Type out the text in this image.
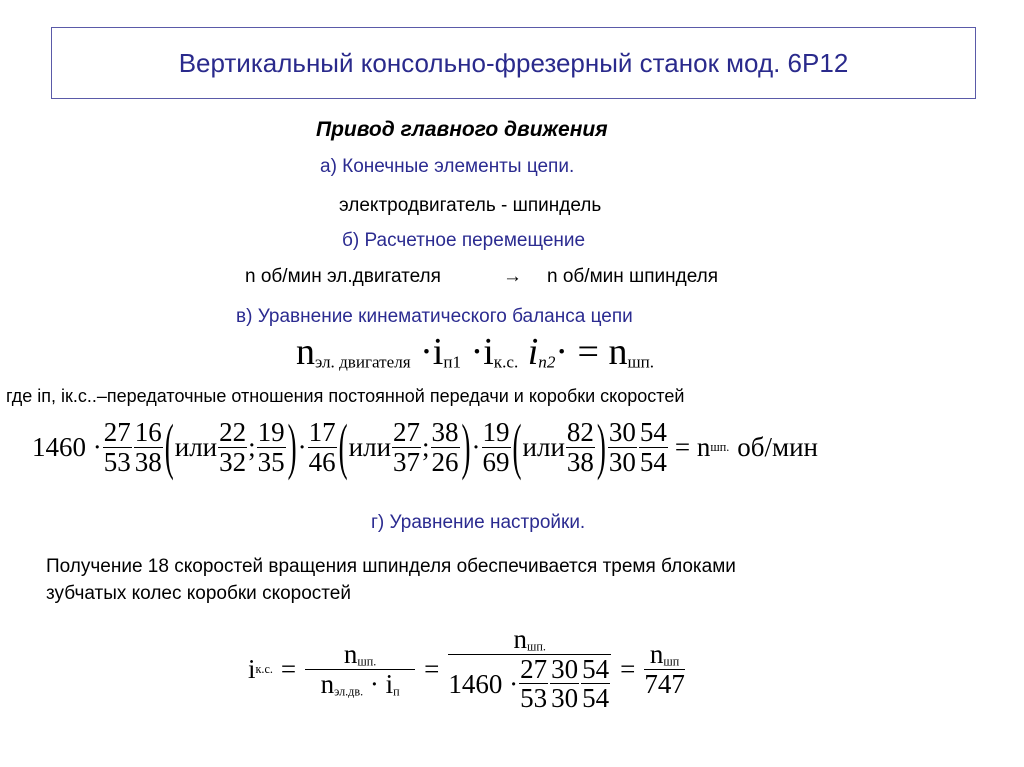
Вертикальный консольно-фрезерный станок мод. 6Р12
Привод главного движения
а) Конечные элементы цепи.
электродвигатель - шпиндель
б) Расчетное перемещение
n об/мин эл.двигателя	→ n об/мин шпинделя
в) Уравнение кинематического баланса цепи
$n_{эл. двигателя} \cdot i_{п1} \cdot i_{к.с.}$ $i_{n2}\cdot = n_{шп.}$
где iп, iк.с..–передаточные отношения постоянной передачи и коробки скоростей
$1460 \cdot \frac{27}{53} \frac{16}{38}$ ( или $\frac{22}{32}$ ; $\frac{19}{35}$ ) · $\frac{17}{46}$ ( или $\frac{27}{37}$ ; $\frac{38}{26}$ ) · $\frac{19}{69}$ ( или $\frac{82}{38}$ ) $\frac{30}{30} \frac{54}{54} = n$ шп. об/мин
г) Уравнение настройки.
Получение 18 скоростей вращения шпинделя обеспечивается тремя блоками
зубчатых колес коробки скоростей
i к.с. = $\frac{n_{шп.}}{n_{эл.дв.} \cdot i_п} = \frac{n_{шп.}}{1460 \cdot \frac{27}{53} \frac{30}{30} \frac{54}{54}} = \frac{n_{шп}}{747}$
